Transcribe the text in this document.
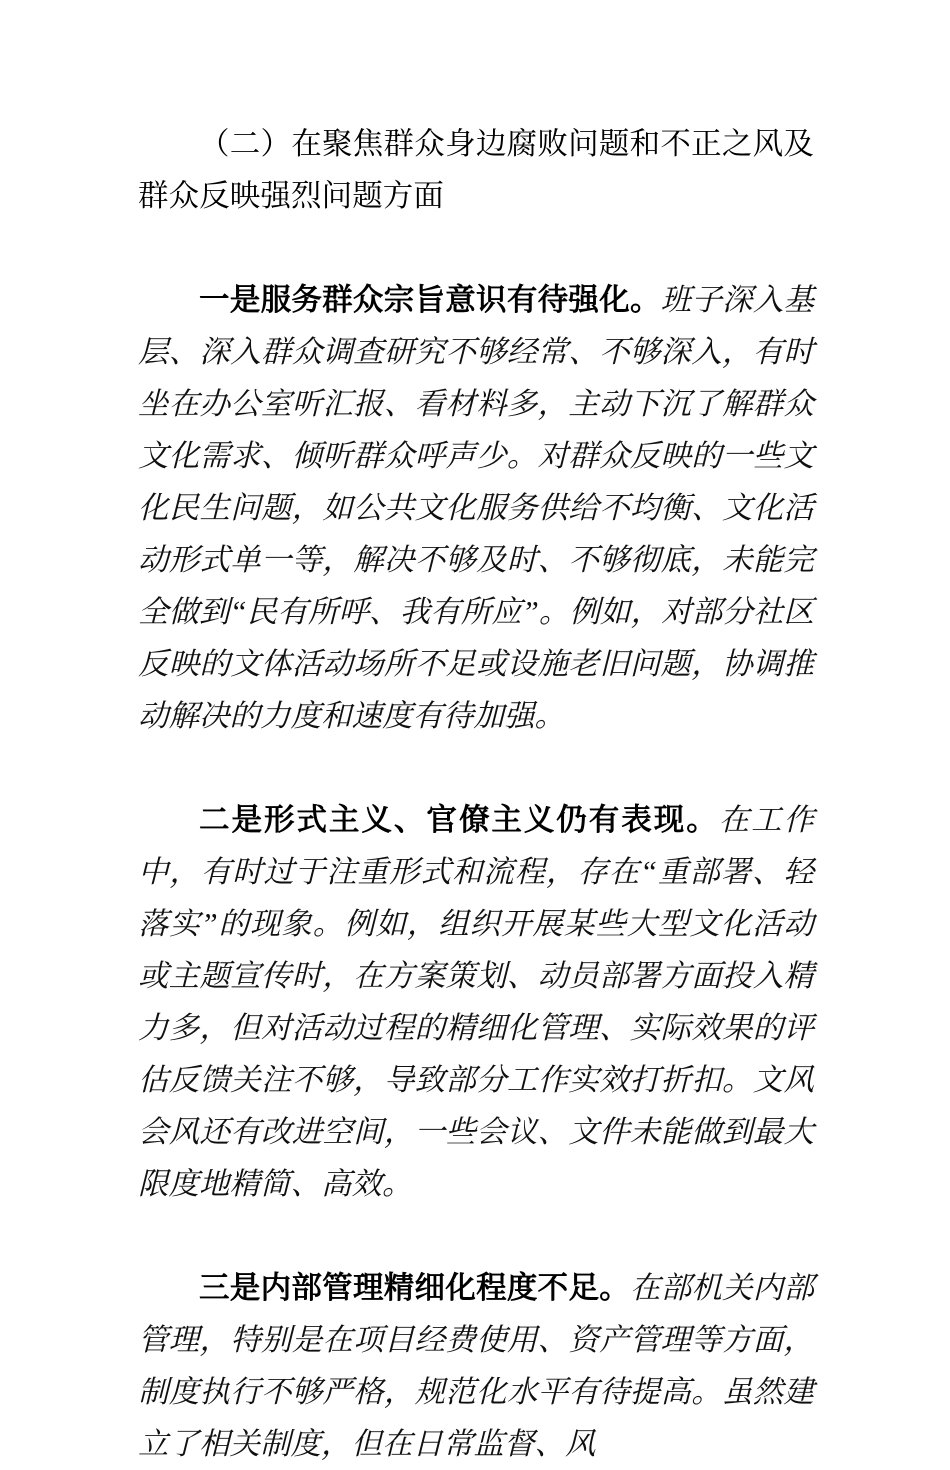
（二）在聚焦群众身边腐败问题和不正之风及群众反映强烈问题方面

一是服务群众宗旨意识有待强化。班子深入基层、深入群众调查研究不够经常、不够深入，有时坐在办公室听汇报、看材料多，主动下沉了解群众文化需求、倾听群众呼声少。对群众反映的一些文化民生问题，如公共文化服务供给不均衡、文化活动形式单一等，解决不够及时、不够彻底，未能完全做到“民有所呼、我有所应”。例如，对部分社区反映的文体活动场所不足或设施老旧问题，协调推动解决的力度和速度有待加强。

二是形式主义、官僚主义仍有表现。在工作中，有时过于注重形式和流程，存在“重部署、轻落实”的现象。例如，组织开展某些大型文化活动或主题宣传时，在方案策划、动员部署方面投入精力多，但对活动过程的精细化管理、实际效果的评估反馈关注不够，导致部分工作实效打折扣。文风会风还有改进空间，一些会议、文件未能做到最大限度地精简、高效。

三是内部管理精细化程度不足。在部机关内部管理，特别是在项目经费使用、资产管理等方面，制度执行不够严格，规范化水平有待提高。虽然建立了相关制度，但在日常监督、风
